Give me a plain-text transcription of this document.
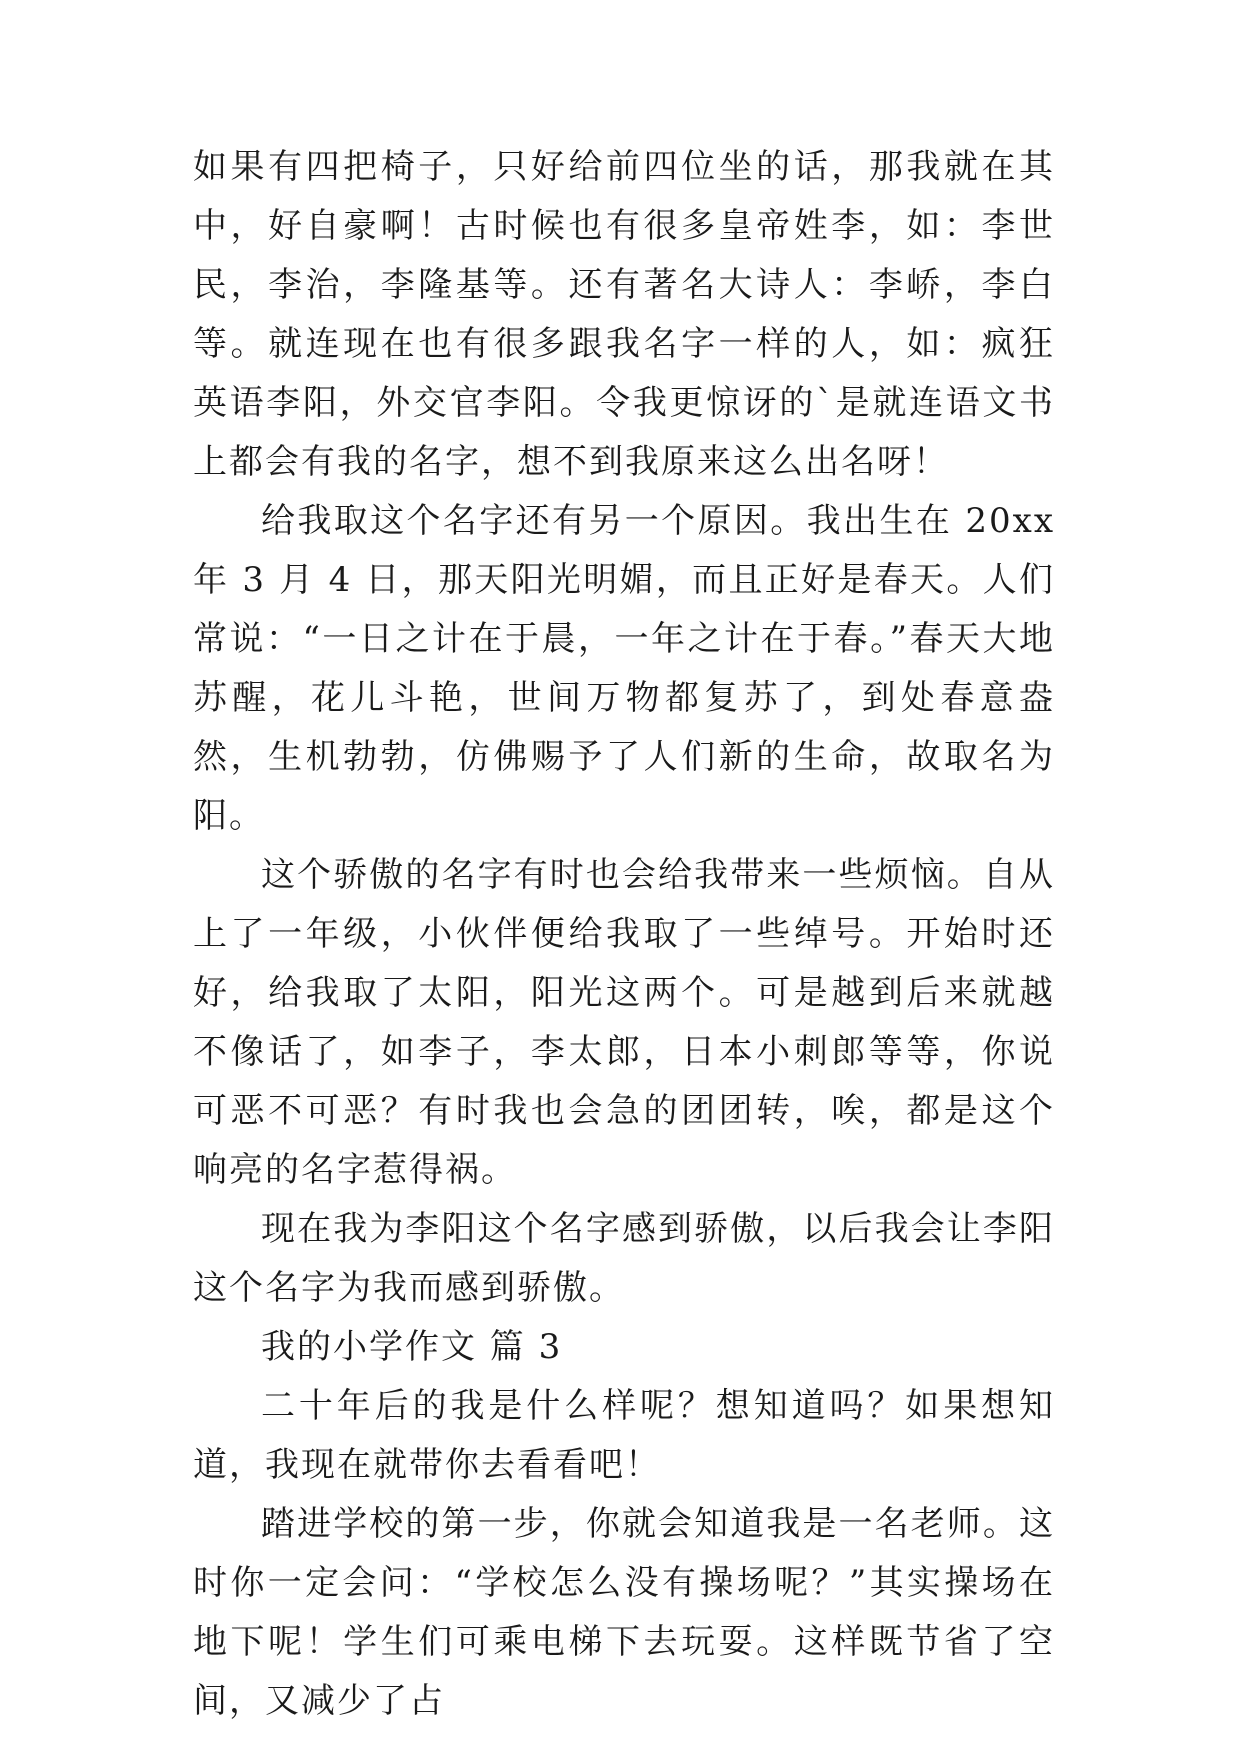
如果有四把椅子，只好给前四位坐的话，那我就在其中，好自豪啊！古时候也有很多皇帝姓李，如：李世民，李治，李隆基等。还有著名大诗人：李峤，李白等。就连现在也有很多跟我名字一样的人，如：疯狂英语李阳，外交官李阳。令我更惊讶的`是就连语文书上都会有我的名字，想不到我原来这么出名呀！

给我取这个名字还有另一个原因。我出生在 20xx 年 3 月 4 日，那天阳光明媚，而且正好是春天。人们常说：“一日之计在于晨，一年之计在于春。”春天大地苏醒，花儿斗艳，世间万物都复苏了，到处春意盎然，生机勃勃，仿佛赐予了人们新的生命，故取名为阳。

这个骄傲的名字有时也会给我带来一些烦恼。自从上了一年级，小伙伴便给我取了一些绰号。开始时还好，给我取了太阳，阳光这两个。可是越到后来就越不像话了，如李子，李太郎，日本小刺郎等等，你说可恶不可恶？有时我也会急的团团转，唉，都是这个响亮的名字惹得祸。

现在我为李阳这个名字感到骄傲，以后我会让李阳这个名字为我而感到骄傲。

我的小学作文 篇 3

二十年后的我是什么样呢？想知道吗？如果想知道，我现在就带你去看看吧！

踏进学校的第一步，你就会知道我是一名老师。这时你一定会问：“学校怎么没有操场呢？”其实操场在地下呢！学生们可乘电梯下去玩耍。这样既节省了空间，又减少了占
